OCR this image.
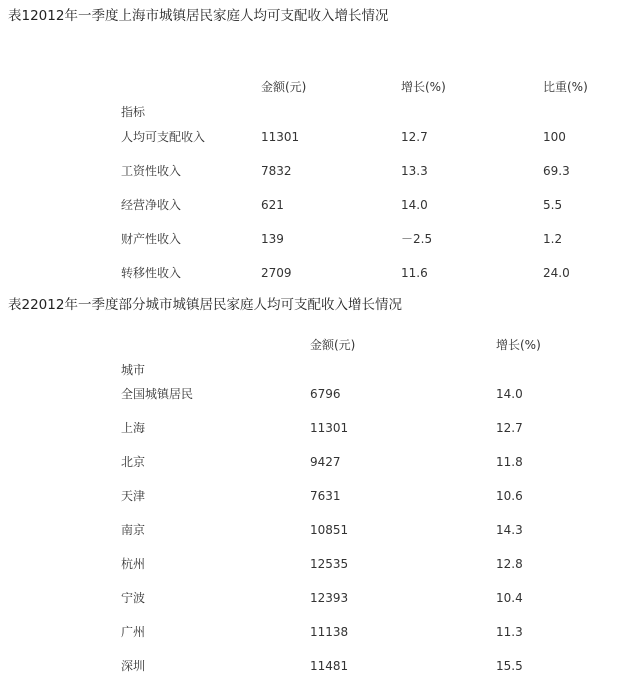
表12012年一季度上海市城镇居民家庭人均可支配收入增长情况
金额(元)	增长(%)	比重(%)
指标
人均可支配收入	11301	12.7	100
工资性收入	7832	13.3	69.3
经营净收入	621	14.0	5.5
财产性收入	139	－2.5	1.2
转移性收入	2709	11.6	24.0
表22012年一季度部分城市城镇居民家庭人均可支配收入增长情况
金额(元)	增长(%)
城市
全国城镇居民	6796	14.0
上海	11301	12.7
北京	9427	11.8
天津	7631	10.6
南京	10851	14.3
杭州	12535	12.8
宁波	12393	10.4
广州	11138	11.3
深圳	11481	15.5
